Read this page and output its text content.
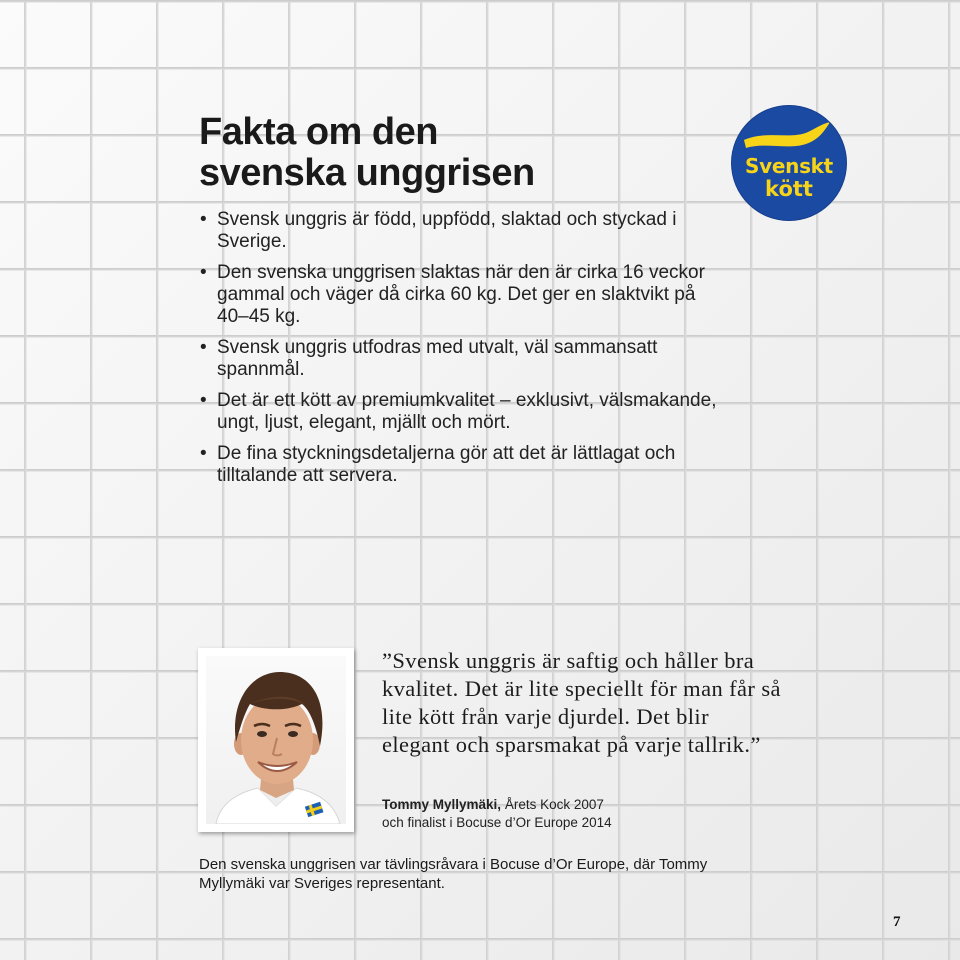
Fakta om den
svenska unggrisen	Svenskt
kött
• Svensk unggris är född, uppfödd, slaktad och styckad i Sverige.
• Den svenska unggrisen slaktas när den är cirka 16 veckor gammal och väger då cirka 60 kg. Det ger en slaktvikt på 40–45 kg.
• Svensk unggris utfodras med utvalt, väl sammansatt spannmål.
• Det är ett kött av premiumkvalitet – exklusivt, välsmakande, ungt, ljust, elegant, mjällt och mört.
• De fina styckningsdetaljerna gör att det är lättlagat och tilltalande att servera.

”Svensk unggris är saftig och håller bra kvalitet. Det är lite speciellt för man får så lite kött från varje djurdel. Det blir elegant och sparsmakat på varje tallrik.”

Tommy Myllymäki, Årets Kock 2007
och finalist i Bocuse d’Or Europe 2014
Den svenska unggrisen var tävlingsråvara i Bocuse d’Or Europe, där Tommy Myllymäki var Sveriges representant.
7
